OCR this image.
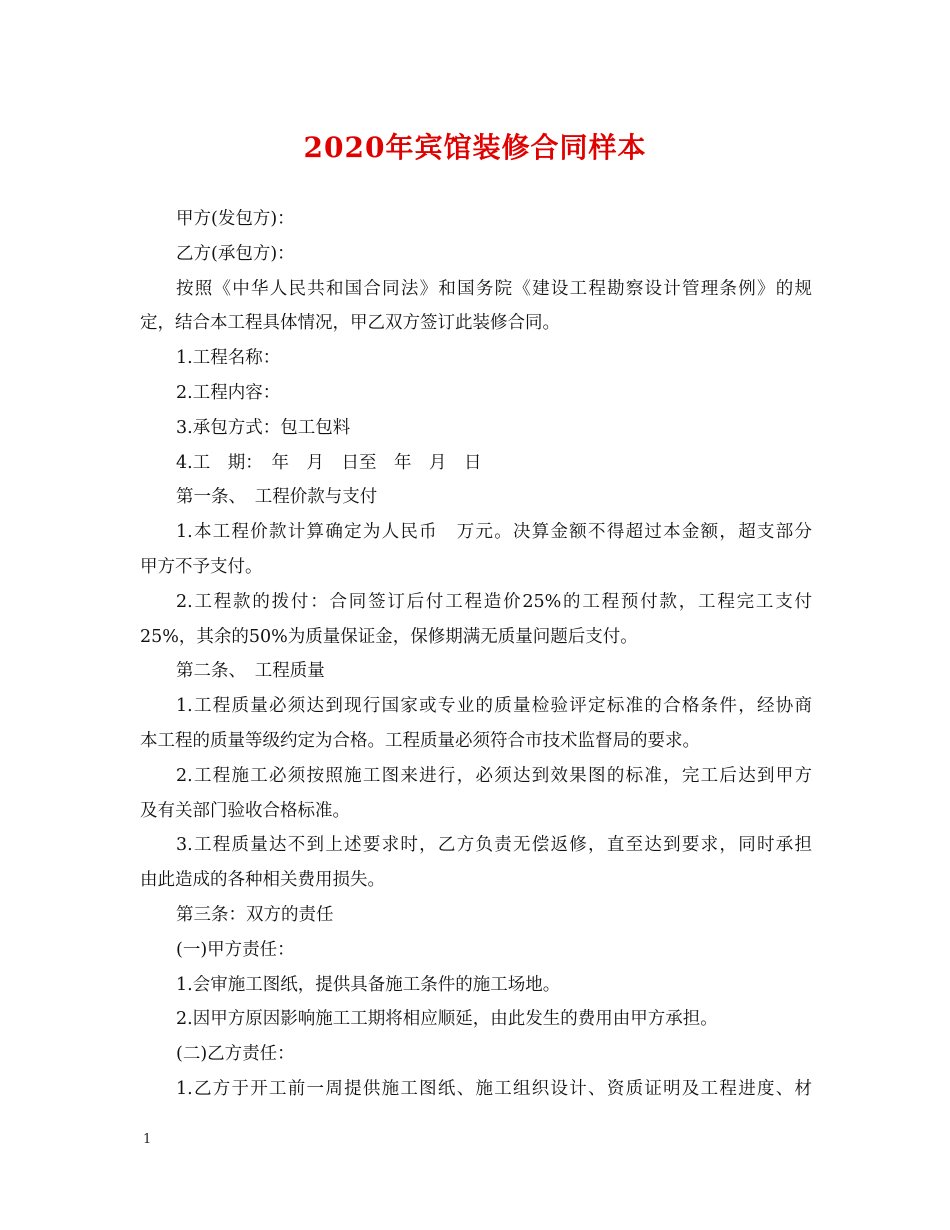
2020年宾馆装修合同样本
甲方(发包方)：
乙方(承包方)：
按照《中华人民共和国合同法》和国务院《建设工程勘察设计管理条例》的规
定，结合本工程具体情况，甲乙双方签订此装修合同。
1.工程名称：
2.工程内容：
3.承包方式：包工包料
4.工　期：　年　月　日至　年　月　日
第一条、　工程价款与支付
1.本工程价款计算确定为人民币　万元。决算金额不得超过本金额，超支部分
甲方不予支付。
2.工程款的拨付：合同签订后付工程造价25%的工程预付款，工程完工支付
25%，其余的50%为质量保证金，保修期满无质量问题后支付。
第二条、　工程质量
1.工程质量必须达到现行国家或专业的质量检验评定标准的合格条件，经协商
本工程的质量等级约定为合格。工程质量必须符合市技术监督局的要求。
2.工程施工必须按照施工图来进行，必须达到效果图的标准，完工后达到甲方
及有关部门验收合格标准。
3.工程质量达不到上述要求时，乙方负责无偿返修，直至达到要求，同时承担
由此造成的各种相关费用损失。
第三条：双方的责任
(一)甲方责任：
1.会审施工图纸，提供具备施工条件的施工场地。
2.因甲方原因影响施工工期将相应顺延，由此发生的费用由甲方承担。
(二)乙方责任：
1.乙方于开工前一周提供施工图纸、施工组织设计、资质证明及工程进度、材
1
